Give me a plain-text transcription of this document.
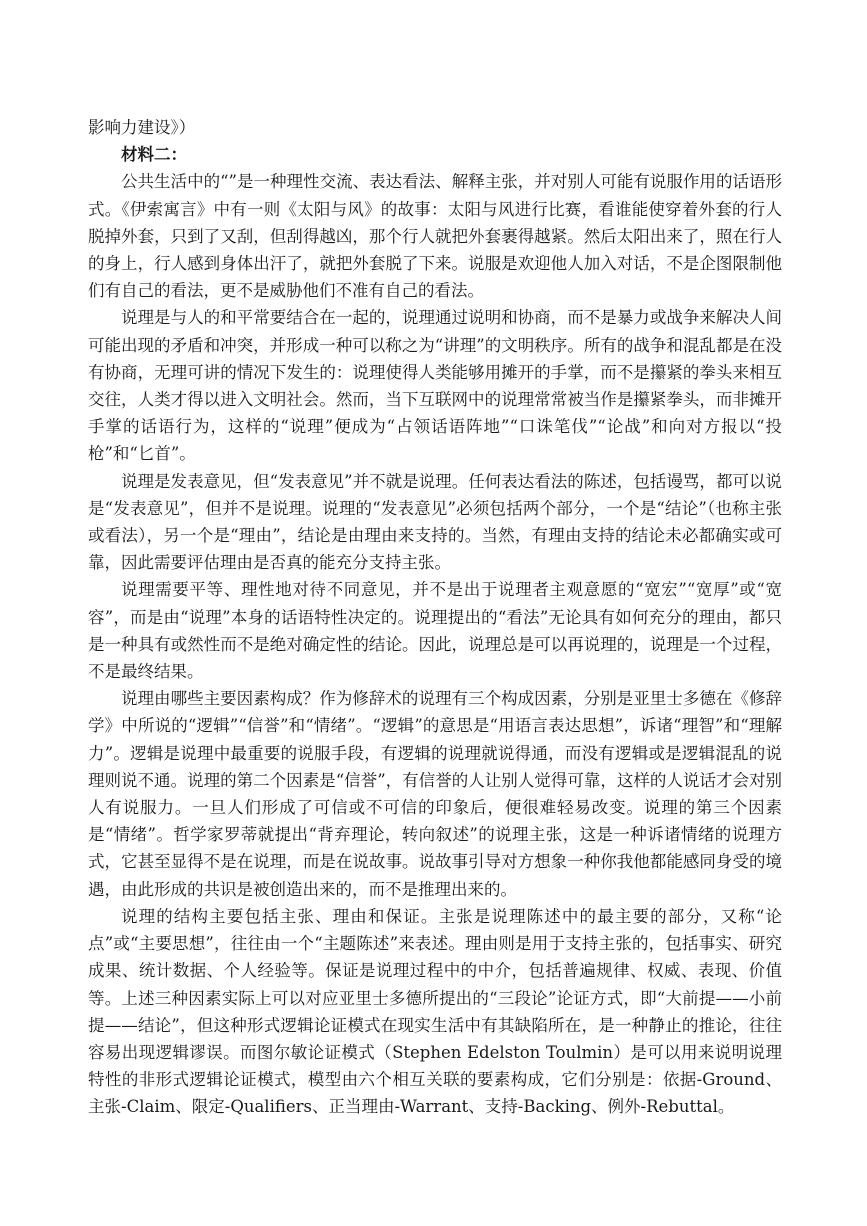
影响力建设》）

材料二：

公共生活中的“”是一种理性交流、表达看法、解释主张，并对别人可能有说服作用的话语形式。《伊索寓言》中有一则《太阳与风》的故事：太阳与风进行比赛，看谁能使穿着外套的行人脱掉外套，只到了又刮，但刮得越凶，那个行人就把外套裹得越紧。然后太阳出来了，照在行人的身上，行人感到身体出汗了，就把外套脱了下来。说服是欢迎他人加入对话，不是企图限制他们有自己的看法，更不是威胁他们不准有自己的看法。

说理是与人的和平常要结合在一起的，说理通过说明和协商，而不是暴力或战争来解决人间可能出现的矛盾和冲突，并形成一种可以称之为“讲理”的文明秩序。所有的战争和混乱都是在没有协商，无理可讲的情况下发生的：说理使得人类能够用摊开的手掌，而不是攥紧的拳头来相互交往，人类才得以进入文明社会。然而，当下互联网中的说理常常被当作是攥紧拳头，而非摊开手掌的话语行为，这样的“说理”便成为“占领话语阵地”“口诛笔伐”“论战”和向对方报以“投枪”和“匕首”。

说理是发表意见，但“发表意见”并不就是说理。任何表达看法的陈述，包括谩骂，都可以说是“发表意见”，但并不是说理。说理的“发表意见”必须包括两个部分，一个是“结论”（也称主张或看法），另一个是“理由”，结论是由理由来支持的。当然，有理由支持的结论未必都确实或可靠，因此需要评估理由是否真的能充分支持主张。

说理需要平等、理性地对待不同意见，并不是出于说理者主观意愿的“宽宏”“宽厚”或“宽容”，而是由“说理”本身的话语特性决定的。说理提出的“看法”无论具有如何充分的理由，都只是一种具有或然性而不是绝对确定性的结论。因此，说理总是可以再说理的，说理是一个过程，不是最终结果。

说理由哪些主要因素构成？作为修辞术的说理有三个构成因素，分别是亚里士多德在《修辞学》中所说的“逻辑”“信誉”和“情绪”。“逻辑”的意思是“用语言表达思想”，诉诸“理智”和“理解力”。逻辑是说理中最重要的说服手段，有逻辑的说理就说得通，而没有逻辑或是逻辑混乱的说理则说不通。说理的第二个因素是“信誉”，有信誉的人让别人觉得可靠，这样的人说话才会对别人有说服力。一旦人们形成了可信或不可信的印象后，便很难轻易改变。说理的第三个因素是“情绪”。哲学家罗蒂就提出“背弃理论，转向叙述”的说理主张，这是一种诉诸情绪的说理方式，它甚至显得不是在说理，而是在说故事。说故事引导对方想象一种你我他都能感同身受的境遇，由此形成的共识是被创造出来的，而不是推理出来的。

说理的结构主要包括主张、理由和保证。主张是说理陈述中的最主要的部分，又称“论点”或“主要思想”，往往由一个“主题陈述”来表述。理由则是用于支持主张的，包括事实、研究成果、统计数据、个人经验等。保证是说理过程中的中介，包括普遍规律、权威、表现、价值等。上述三种因素实际上可以对应亚里士多德所提出的“三段论”论证方式，即“大前提——小前提——结论”，但这种形式逻辑论证模式在现实生活中有其缺陷所在，是一种静止的推论，往往容易出现逻辑谬误。而图尔敏论证模式（Stephen Edelston Toulmin）是可以用来说明说理特性的非形式逻辑论证模式，模型由六个相互关联的要素构成，它们分别是：依据-Ground、主张-Claim、限定-Qualifiers、正当理由-Warrant、支持-Backing、例外-Rebuttal。
